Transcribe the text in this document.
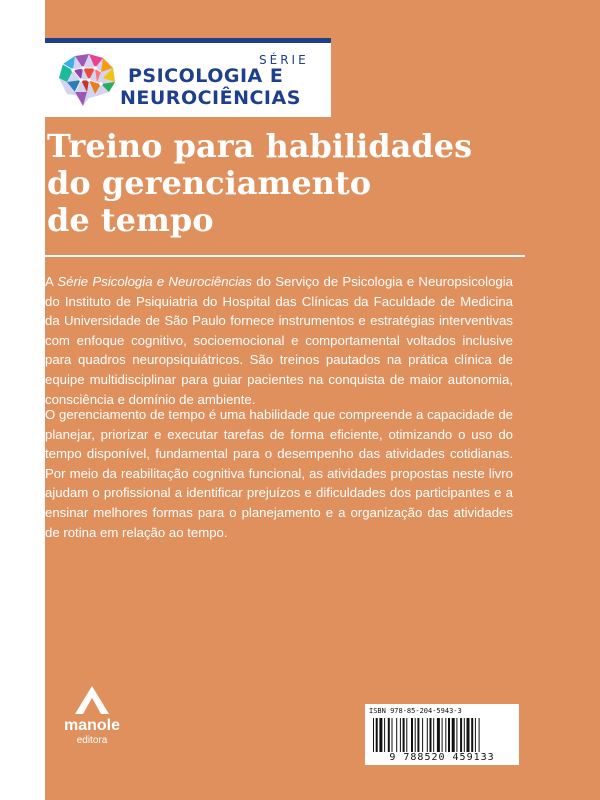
SÉRIE
PSICOLOGIA E
NEUROCIÊNCIAS
Treino para habilidades
do gerenciamento
de tempo

A Série Psicologia e Neurociências do Serviço de Psicologia e Neuropsicologia do Instituto de Psiquiatria do Hospital das Clínicas da Faculdade de Medicina da Universidade de São Paulo fornece instrumentos e estratégias interventivas com enfoque cognitivo, socioemocional e comportamental voltados inclusive para quadros neuropsiquiátricos. São treinos pautados na prática clínica de equipe multidisciplinar para guiar pacientes na conquista de maior autonomia, consciência e domínio de ambiente.

O gerenciamento de tempo é uma habilidade que compreende a capacidade de planejar, priorizar e executar tarefas de forma eficiente, otimizando o uso do tempo disponível, fundamental para o desempenho das atividades cotidianas. Por meio da reabilitação cognitiva funcional, as atividades propostas neste livro ajudam o profissional a identificar prejuízos e dificuldades dos participantes e a ensinar melhores formas para o planejamento e a organização das atividades de rotina em relação ao tempo.

manole
editora
ISBN 978-85-204-5943-3
9 788520 459133
